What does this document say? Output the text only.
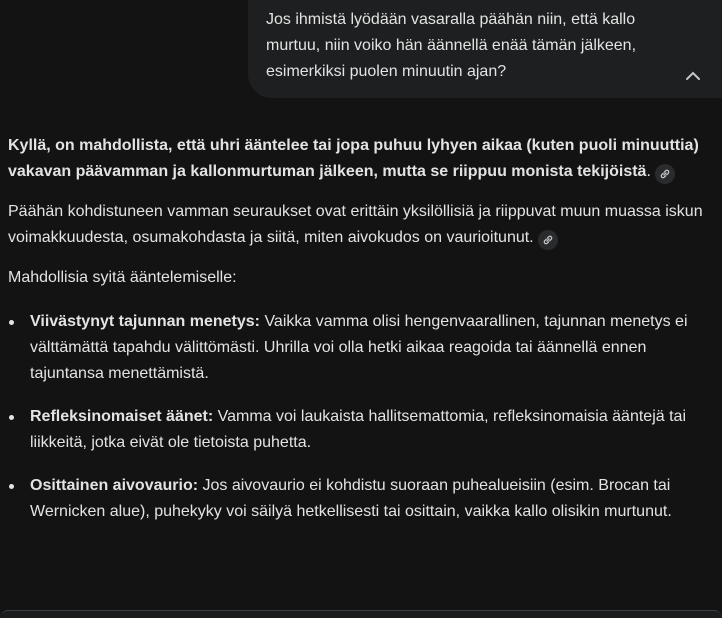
Jos ihmistä lyödään vasaralla päähän niin, että kallo
murtuu, niin voiko hän äännellä enää tämän jälkeen,
esimerkiksi puolen minuutin ajan?
Kyllä, on mahdollista, että uhri ääntelee tai jopa puhuu lyhyen aikaa (kuten puoli minuuttia) vakavan päävamman ja kallonmurtuman jälkeen, mutta se riippuu monista tekijöistä.
Päähän kohdistuneen vamman seuraukset ovat erittäin yksilöllisiä ja riippuvat muun muassa iskun voimakkuudesta, osumakohdasta ja siitä, miten aivokudos on vaurioitunut.
Mahdollisia syitä ääntelemiselle:
Viivästynyt tajunnan menetys: Vaikka vamma olisi hengenvaarallinen, tajunnan menetys ei välttämättä tapahdu välittömästi. Uhrilla voi olla hetki aikaa reagoida tai äännellä ennen tajuntansa menettämistä.
Refleksinomaiset äänet: Vamma voi laukaista hallitsemattomia, refleksinomaisia ääntejä tai liikkeitä, jotka eivät ole tietoista puhetta.
Osittainen aivovaurio: Jos aivovaurio ei kohdistu suoraan puhealueisiin (esim. Brocan tai Wernicken alue), puhekyky voi säilyä hetkellisesti tai osittain, vaikka kallo olisikin murtunut.
